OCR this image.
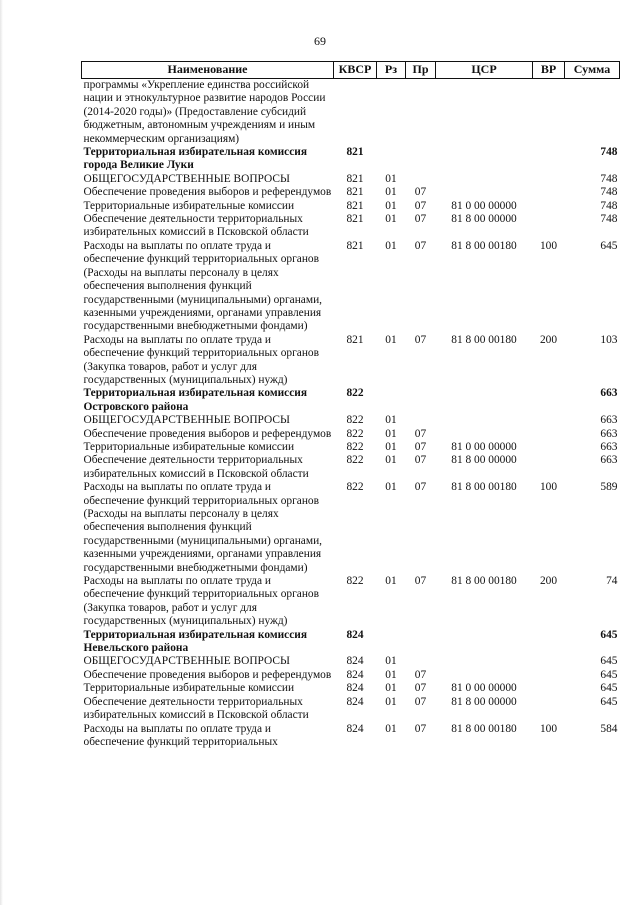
69
Наименование	КВСР	Рз	Пр	ЦСР	ВР	Сумма
программы «Укрепление единства российской нации и этнокультурное развитие народов России (2014-2020 годы)» (Предоставление субсидий бюджетным, автономным учреждениям и иным некоммерческим организациям)						
Территориальная избирательная комиссия города Великие Луки	821					748
ОБЩЕГОСУДАРСТВЕННЫЕ ВОПРОСЫ	821	01				748
Обеспечение проведения выборов и референдумов	821	01	07			748
Территориальные избирательные комиссии	821	01	07	81 0 00 00000		748
Обеспечение деятельности территориальных избирательных комиссий в Псковской области	821	01	07	81 8 00 00000		748
Расходы на выплаты по оплате труда и обеспечение функций территориальных органов (Расходы на выплаты персоналу в целях обеспечения выполнения функций государственными (муниципальными) органами, казенными учреждениями, органами управления государственными внебюджетными фондами)	821	01	07	81 8 00 00180	100	645
Расходы на выплаты по оплате труда и обеспечение функций территориальных органов (Закупка товаров, работ и услуг для государственных (муниципальных) нужд)	821	01	07	81 8 00 00180	200	103
Территориальная избирательная комиссия Островского района	822					663
ОБЩЕГОСУДАРСТВЕННЫЕ ВОПРОСЫ	822	01				663
Обеспечение проведения выборов и референдумов	822	01	07			663
Территориальные избирательные комиссии	822	01	07	81 0 00 00000		663
Обеспечение деятельности территориальных избирательных комиссий в Псковской области	822	01	07	81 8 00 00000		663
Расходы на выплаты по оплате труда и обеспечение функций территориальных органов (Расходы на выплаты персоналу в целях обеспечения выполнения функций государственными (муниципальными) органами, казенными учреждениями, органами управления государственными внебюджетными фондами)	822	01	07	81 8 00 00180	100	589
Расходы на выплаты по оплате труда и обеспечение функций территориальных органов (Закупка товаров, работ и услуг для государственных (муниципальных) нужд)	822	01	07	81 8 00 00180	200	74
Территориальная избирательная комиссия Невельского района	824					645
ОБЩЕГОСУДАРСТВЕННЫЕ ВОПРОСЫ	824	01				645
Обеспечение проведения выборов и референдумов	824	01	07			645
Территориальные избирательные комиссии	824	01	07	81 0 00 00000		645
Обеспечение деятельности территориальных избирательных комиссий в Псковской области	824	01	07	81 8 00 00000		645
Расходы на выплаты по оплате труда и обеспечение функций территориальных	824	01	07	81 8 00 00180	100	584
